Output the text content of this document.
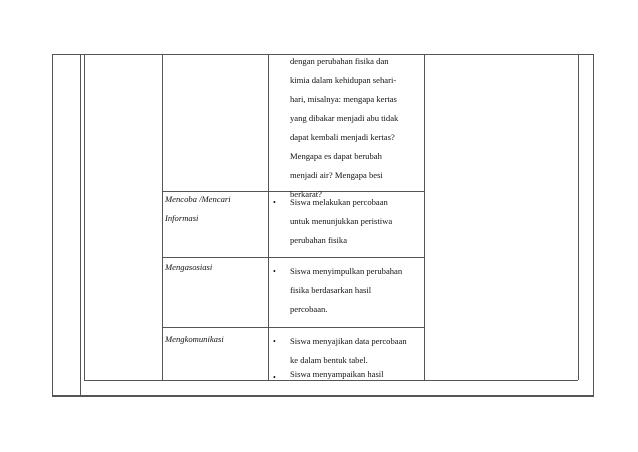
dengan perubahan fisika dan
kimia dalam kehidupan sehari-
hari, misalnya: mengapa kertas
yang dibakar menjadi abu tidak
dapat kembali menjadi kertas?
Mengapa es dapat berubah
menjadi air? Mengapa besi
berkarat?
Mencoba /Mencari
Informasi
• Siswa melakukan percobaan
untuk menunjukkan peristiwa
perubahan fisika
Mengasosiasi	• Siswa menyimpulkan perubahan
fisika berdasarkan hasil
percobaan.
Mengkomunikasi	• Siswa menyajikan data percobaan
ke dalam bentuk tabel.
• Siswa menyampaikan hasil
